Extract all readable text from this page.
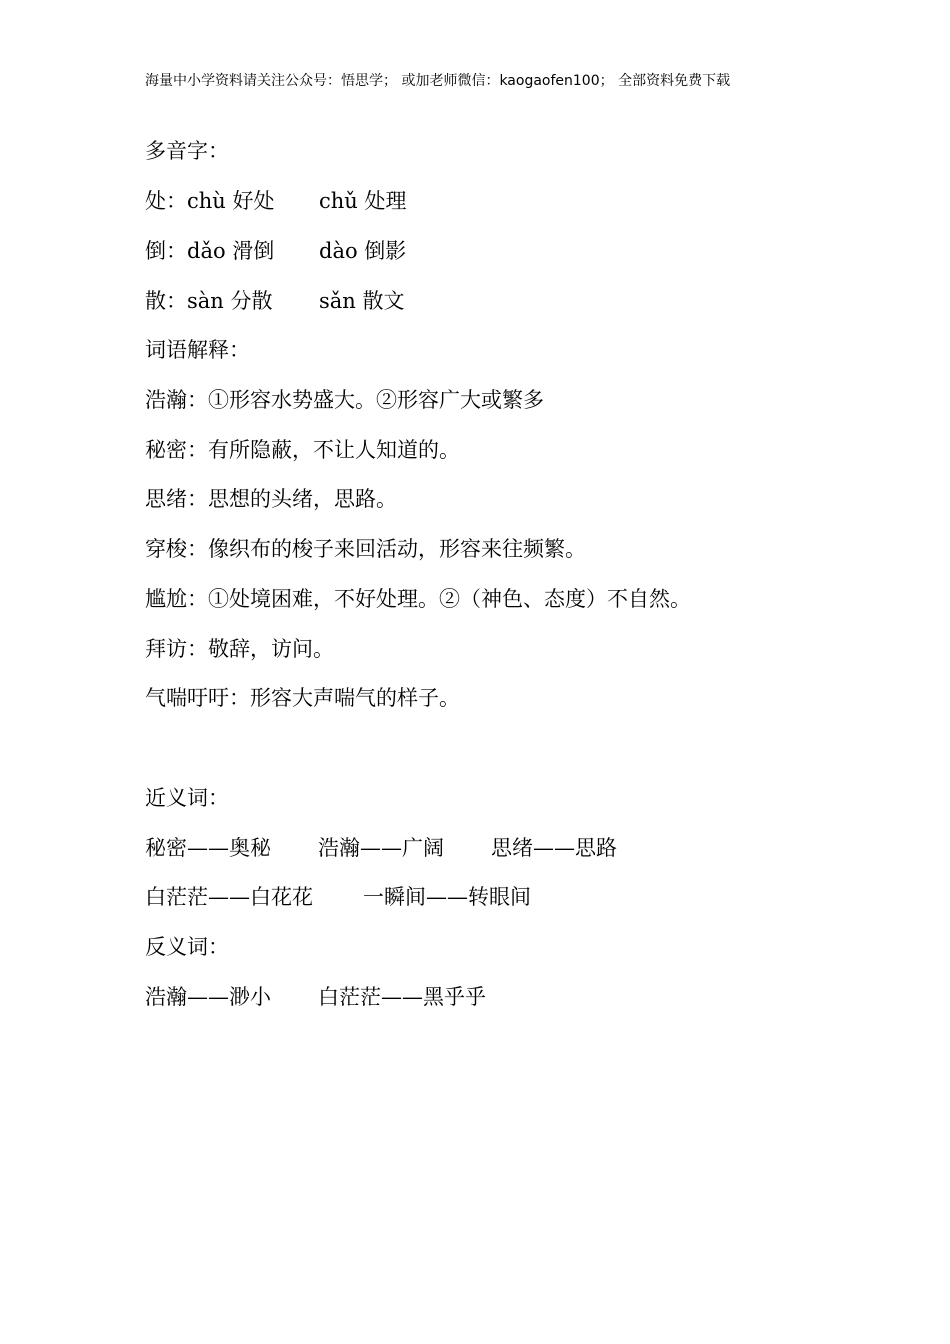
海量中小学资料请关注公众号：悟思学； 或加老师微信：kaogaofen100； 全部资料免费下载
多音字：
处：chù 好处 chǔ 处理
倒：dǎo 滑倒 dào 倒影
散：sàn 分散 sǎn 散文
词语解释：
浩瀚：①形容水势盛大。②形容广大或繁多
秘密：有所隐蔽，不让人知道的。
思绪：思想的头绪，思路。
穿梭：像织布的梭子来回活动，形容来往频繁。
尴尬：①处境困难，不好处理。②（神色、态度）不自然。
拜访：敬辞，访问。
气喘吁吁：形容大声喘气的样子。
近义词：
秘密——奥秘 浩瀚——广阔 思绪——思路
白茫茫——白花花 一瞬间——转眼间
反义词：
浩瀚——渺小 白茫茫——黑乎乎
